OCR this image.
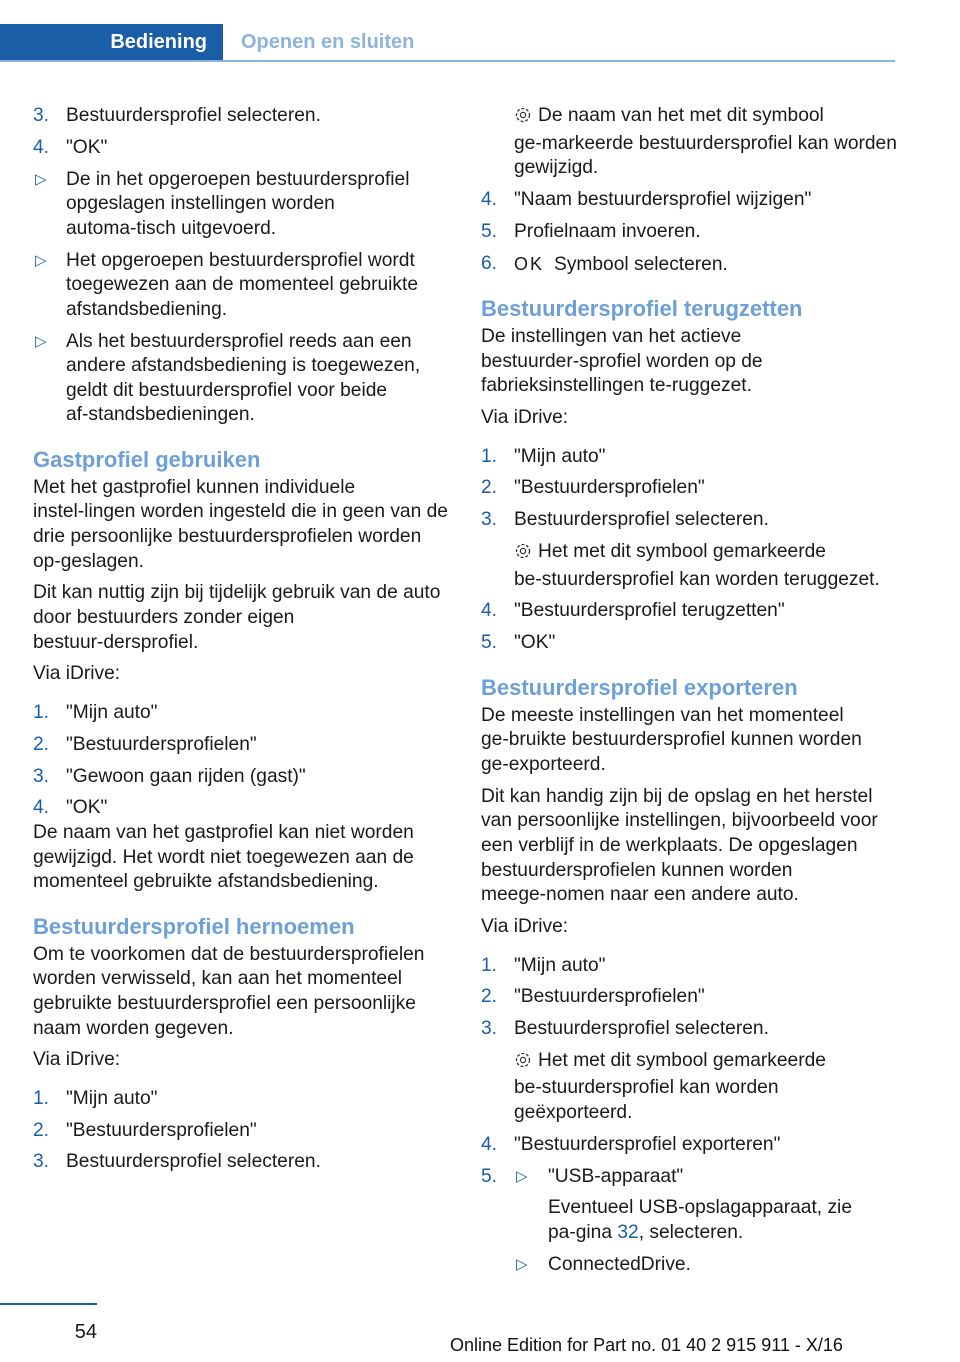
Bediening	Openen en sluiten
3. Bestuurdersprofiel selecteren.
4. "OK"
▷ De in het opgeroepen bestuurdersprofiel opgeslagen instellingen worden automa‑tisch uitgevoerd.
▷ Het opgeroepen bestuurdersprofiel wordt toegewezen aan de momenteel gebruikte afstandsbediening.
▷ Als het bestuurdersprofiel reeds aan een andere afstandsbediening is toegewezen, geldt dit bestuurdersprofiel voor beide af‑standsbedieningen.
Gastprofiel gebruiken

Met het gastprofiel kunnen individuele instel‑lingen worden ingesteld die in geen van de drie persoonlijke bestuurdersprofielen worden op‑geslagen.

Dit kan nuttig zijn bij tijdelijk gebruik van de auto door bestuurders zonder eigen bestuur‑dersprofiel.

Via iDrive:

1. "Mijn auto"
2. "Bestuurdersprofielen"
3. "Gewoon gaan rijden (gast)"
4. "OK"

De naam van het gastprofiel kan niet worden gewijzigd. Het wordt niet toegewezen aan de momenteel gebruikte afstandsbediening.

Bestuurdersprofiel hernoemen

Om te voorkomen dat de bestuurdersprofielen worden verwisseld, kan aan het momenteel gebruikte bestuurdersprofiel een persoonlijke naam worden gegeven.

Via iDrive:

1. "Mijn auto"
2. "Bestuurdersprofielen"
3. Bestuurdersprofiel selecteren.

De naam van het met dit symbool ge‑markeerde bestuurdersprofiel kan worden gewijzigd.

4. "Naam bestuurdersprofiel wijzigen"
5. Profielnaam invoeren.
6. OK Symbool selecteren.
Bestuurdersprofiel terugzetten

De instellingen van het actieve bestuurder‑sprofiel worden op de fabrieksinstellingen te‑ruggezet.

Via iDrive:

1. "Mijn auto"
2. "Bestuurdersprofielen"
3. Bestuurdersprofiel selecteren.

Het met dit symbool gemarkeerde be‑stuurdersprofiel kan worden teruggezet.

4. "Bestuurdersprofiel terugzetten"
5. "OK"
Bestuurdersprofiel exporteren

De meeste instellingen van het momenteel ge‑bruikte bestuurdersprofiel kunnen worden ge‑exporteerd.

Dit kan handig zijn bij de opslag en het herstel van persoonlijke instellingen, bijvoorbeeld voor een verblijf in de werkplaats. De opgeslagen bestuurdersprofielen kunnen worden meege‑nomen naar een andere auto.

Via iDrive:

1. "Mijn auto"
2. "Bestuurdersprofielen"
3. Bestuurdersprofiel selecteren.

Het met dit symbool gemarkeerde be‑stuurdersprofiel kan worden geëxporteerd.

4. "Bestuurdersprofiel exporteren"
5. ▷ "USB-apparaat"

Eventueel USB-opslagapparaat, zie pa‑gina 32, selecteren.

▷ ConnectedDrive.
54
Online Edition for Part no. 01 40 2 915 911 - X/16
